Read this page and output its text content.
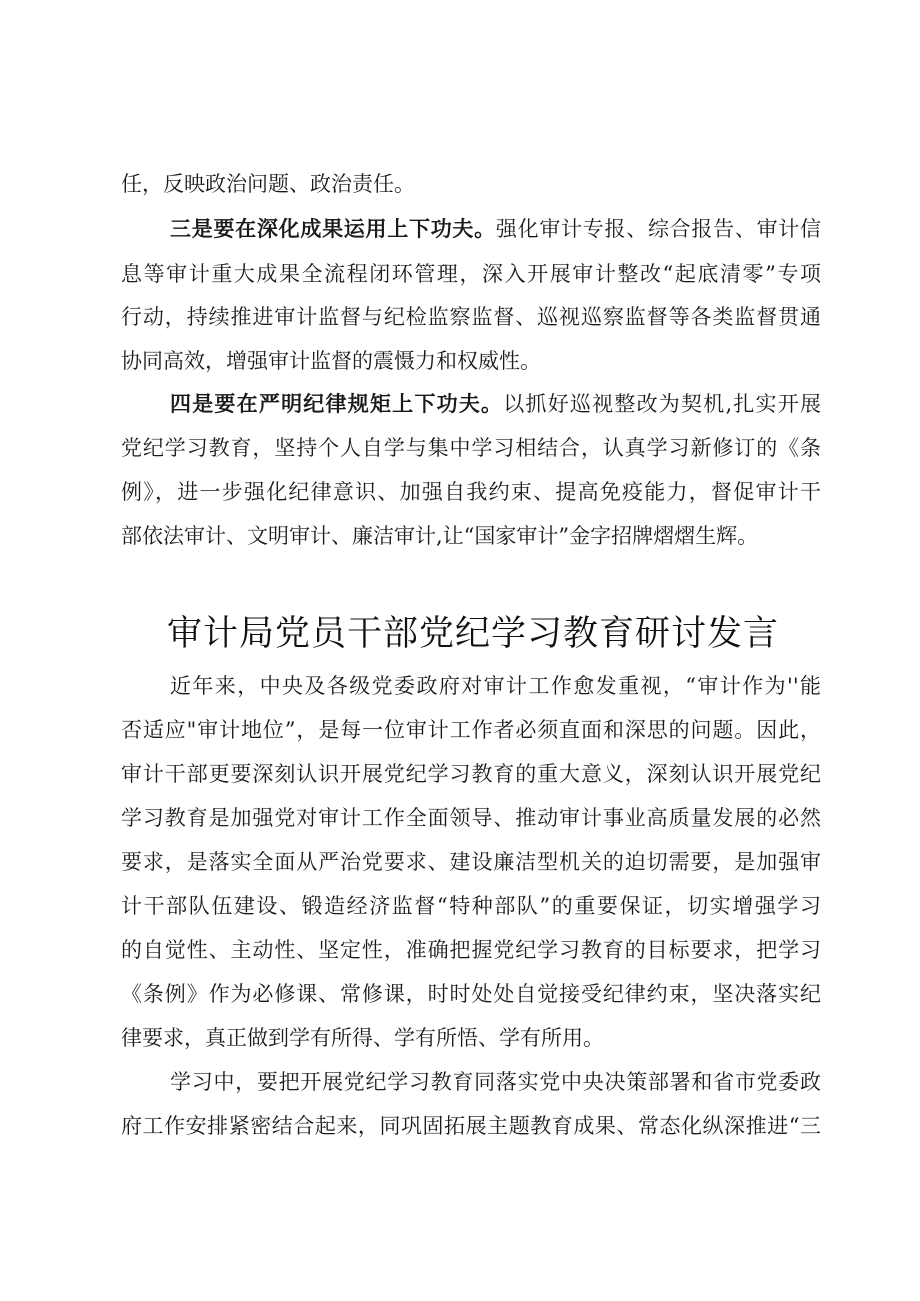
任，反映政治问题、政治责任。
三是要在深化成果运用上下功夫。强化审计专报、综合报告、审计信
息等审计重大成果全流程闭环管理，深入开展审计整改“起底清零”专项
行动，持续推进审计监督与纪检监察监督、巡视巡察监督等各类监督贯通
协同高效，增强审计监督的震慑力和权威性。
四是要在严明纪律规矩上下功夫。以抓好巡视整改为契机,扎实开展
党纪学习教育，坚持个人自学与集中学习相结合，认真学习新修订的《条
例》，进一步强化纪律意识、加强自我约束、提高免疫能力，督促审计干
部依法审计、文明审计、廉洁审计,让“国家审计”金字招牌熠熠生辉。
审计局党员干部党纪学习教育研讨发言
近年来，中央及各级党委政府对审计工作愈发重视，“审计作为''能
否适应"审计地位”，是每一位审计工作者必须直面和深思的问题。因此，
审计干部更要深刻认识开展党纪学习教育的重大意义，深刻认识开展党纪
学习教育是加强党对审计工作全面领导、推动审计事业高质量发展的必然
要求，是落实全面从严治党要求、建设廉洁型机关的迫切需要，是加强审
计干部队伍建设、锻造经济监督“特种部队”的重要保证，切实增强学习
的自觉性、主动性、坚定性，准确把握党纪学习教育的目标要求，把学习
《条例》作为必修课、常修课，时时处处自觉接受纪律约束，坚决落实纪
律要求，真正做到学有所得、学有所悟、学有所用。
学习中，要把开展党纪学习教育同落实党中央决策部署和省市党委政
府工作安排紧密结合起来，同巩固拓展主题教育成果、常态化纵深推进“三
